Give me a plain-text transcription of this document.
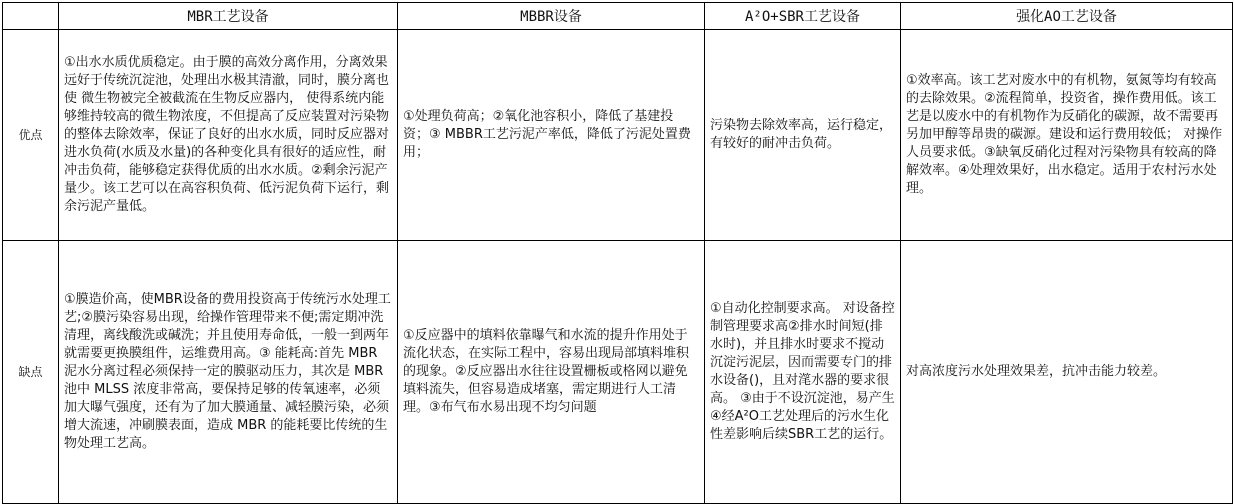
	MBR工艺设备	MBBR设备	A²O+SBR工艺设备	强化AO工艺设备
优点	①出水水质优质稳定。由于膜的高效分离作用，分离效果远好于传统沉淀池，处理出水极其清澈，同时，膜分离也使 微生物被完全被截流在生物反应器内， 使得系统内能够维持较高的微生物浓度，不但提高了反应装置对污染物的整体去除效率，保证了良好的出水水质，同时反应器对进水负荷(水质及水量)的各种变化具有很好的适应性，耐冲击负荷，能够稳定获得优质的出水水质。②剩余污泥产量少。该工艺可以在高容积负荷、低污泥负荷下运行，剩余污泥产量低。	①处理负荷高；②氧化池容积小，降低了基建投资；③ MBBR工艺污泥产率低，降低了污泥处置费用；	污染物去除效率高，运行稳定，有较好的耐冲击负荷。	①效率高。该工艺对废水中的有机物，氨氮等均有较高的去除效果。②流程简单，投资省，操作费用低。该工艺是以废水中的有机物作为反硝化的碳源，故不需要再另加甲醇等昂贵的碳源。建设和运行费用较低； 对操作人员要求低。③缺氧反硝化过程对污染物具有较高的降解效率。④处理效果好，出水稳定。适用于农村污水处理。
缺点	①膜造价高，使MBR设备的费用投资高于传统污水处理工艺;②膜污染容易出现，给操作管理带来不便;需定期冲洗清理，离线酸洗或碱洗；并且使用寿命低，一般一到两年就需要更换膜组件，运维费用高。③ 能耗高:首先 MBR 泥水分离过程必须保持一定的膜驱动压力，其次是 MBR 池中 MLSS 浓度非常高，要保持足够的传氧速率，必须加大曝气强度，还有为了加大膜通量、减轻膜污染，必须增大流速，冲刷膜表面，造成 MBR 的能耗要比传统的生物处理工艺高。	①反应器中的填料依靠曝气和水流的提升作用处于流化状态，在实际工程中，容易出现局部填料堆积的现象。②反应器出水往往设置栅板或格网以避免填料流失，但容易造成堵塞，需定期进行人工清理。③布气布水易出现不均匀问题	①自动化控制要求高。 对设备控制管理要求高②排水时间短(排水时)，并且排水时要求不搅动沉淀污泥层，因而需要专门的排水设备()，且对滗水器的要求很高。 ③由于不设沉淀池，易产生 ④经A²O工艺处理后的污水生化性差影响后续SBR工艺的运行。	对高浓度污水处理效果差，抗冲击能力较差。
